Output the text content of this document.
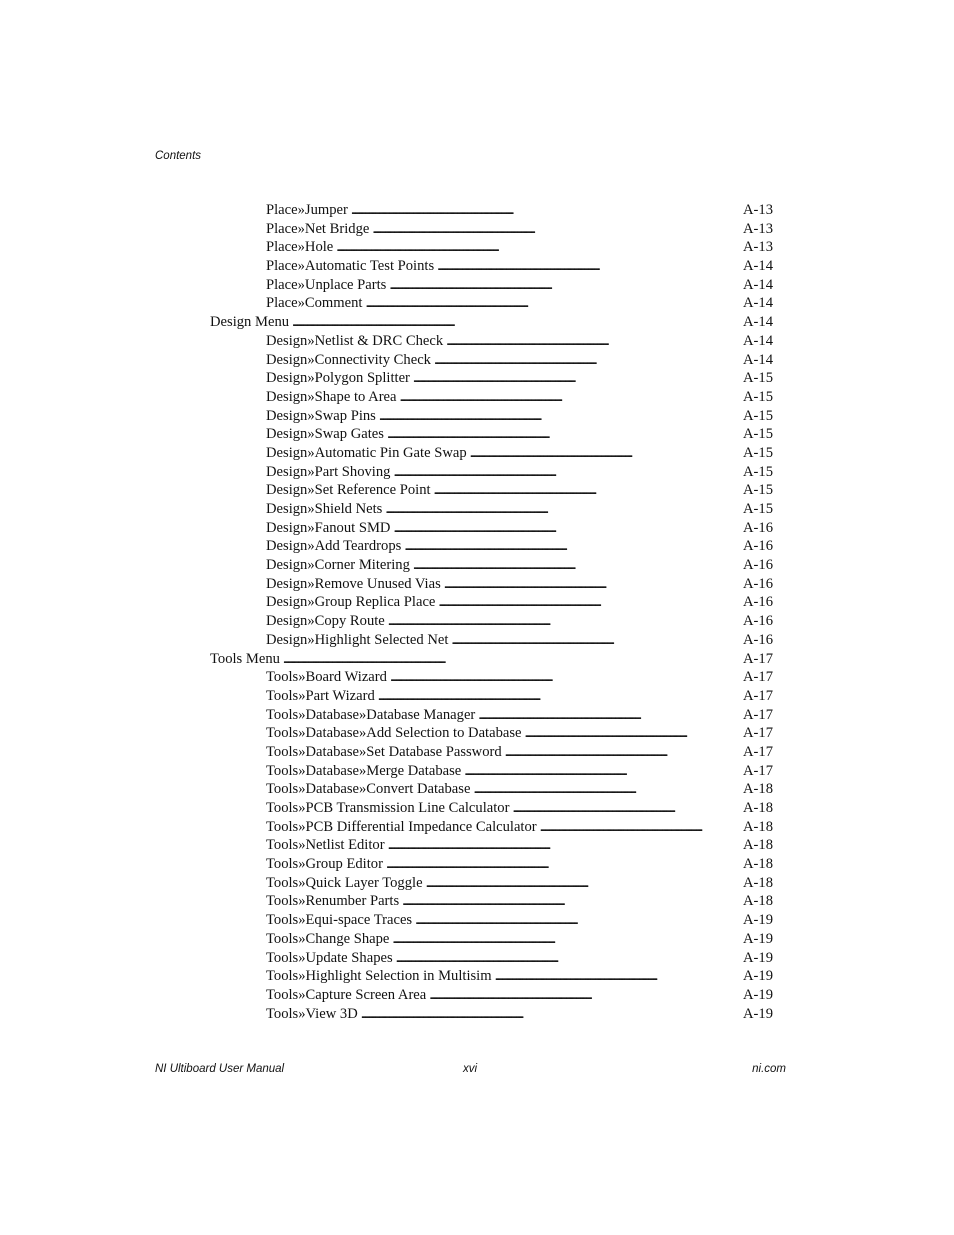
Contents
Place»Jumper . . .	A-13
Place»Net Bridge . . .	A-13
Place»Hole . . .	A-13
Place»Automatic Test Points . . .	A-14
Place»Unplace Parts . . .	A-14
Place»Comment . . .	A-14
Design Menu . . .	A-14
Design»Netlist & DRC Check . . .	A-14
Design»Connectivity Check . . .	A-14
Design»Polygon Splitter . . .	A-15
Design»Shape to Area . . .	A-15
Design»Swap Pins . . .	A-15
Design»Swap Gates . . .	A-15
Design»Automatic Pin Gate Swap . . .	A-15
Design»Part Shoving . . .	A-15
Design»Set Reference Point . . .	A-15
Design»Shield Nets . . .	A-15
Design»Fanout SMD . . .	A-16
Design»Add Teardrops . . .	A-16
Design»Corner Mitering . . .	A-16
Design»Remove Unused Vias . . .	A-16
Design»Group Replica Place . . .	A-16
Design»Copy Route . . .	A-16
Design»Highlight Selected Net . . .	A-16
Tools Menu . . .	A-17
Tools»Board Wizard . . .	A-17
Tools»Part Wizard . . .	A-17
Tools»Database»Database Manager . . .	A-17
Tools»Database»Add Selection to Database . . .	A-17
Tools»Database»Set Database Password . . .	A-17
Tools»Database»Merge Database . . .	A-17
Tools»Database»Convert Database . . .	A-18
Tools»PCB Transmission Line Calculator . . .	A-18
Tools»PCB Differential Impedance Calculator . . .	A-18
Tools»Netlist Editor . . .	A-18
Tools»Group Editor . . .	A-18
Tools»Quick Layer Toggle . . .	A-18
Tools»Renumber Parts . . .	A-18
Tools»Equi-space Traces . . .	A-19
Tools»Change Shape . . .	A-19
Tools»Update Shapes . . .	A-19
Tools»Highlight Selection in Multisim . . .	A-19
Tools»Capture Screen Area . . .	A-19
Tools»View 3D . . .	A-19
NI Ultiboard User Manual	xvi	ni.com
